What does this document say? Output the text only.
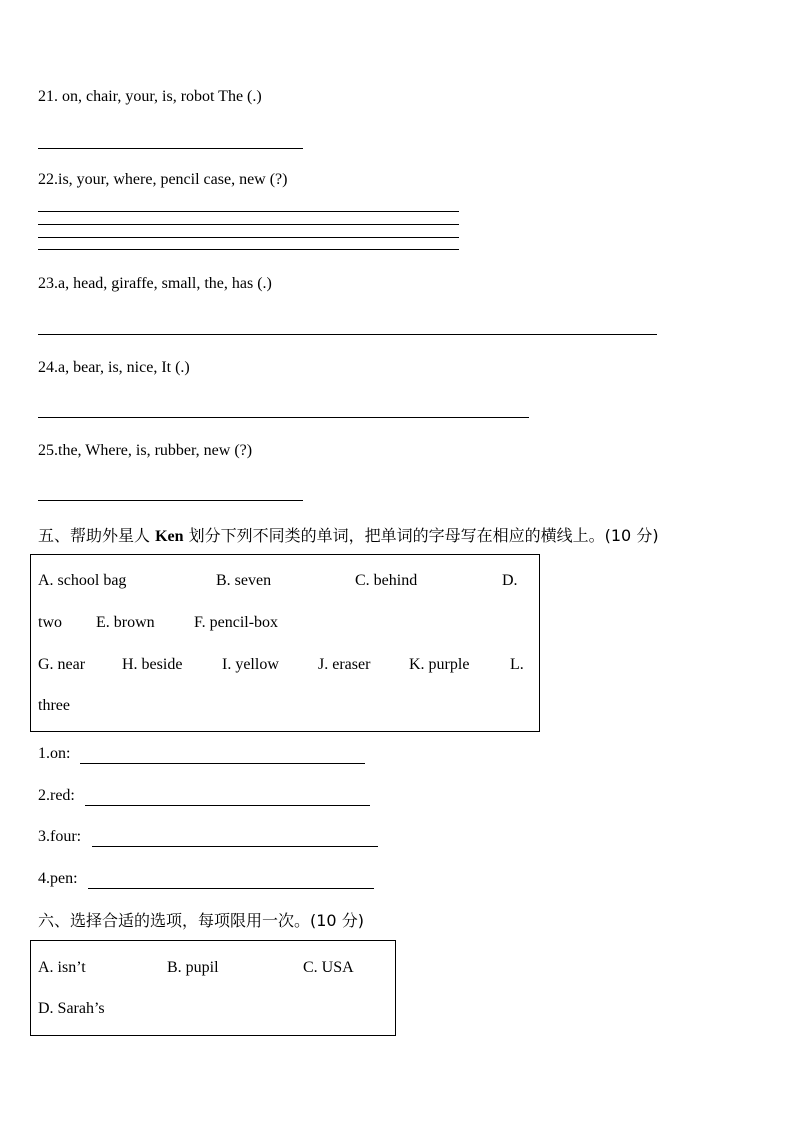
21. on, chair, your, is, robot The (.)
22.is, your, where, pencil case, new (?)
23.a, head, giraffe, small, the, has (.)
24.a, bear, is, nice, It (.)
25.the, Where, is, rubber, new (?)
五、帮助外星人 Ken 划分下列不同类的单词，把单词的字母写在相应的横线上。(10 分)
A. school bag	B. seven	C. behind	D.
two E. brown F. pencil-box
G. near H. beside I. yellow J. eraser K. purple	L.
three
1.on:
2.red:
3.four:
4.pen:
六、选择合适的选项，每项限用一次。(10 分)
A. isn’t	B. pupil	C. USA
D. Sarah’s
